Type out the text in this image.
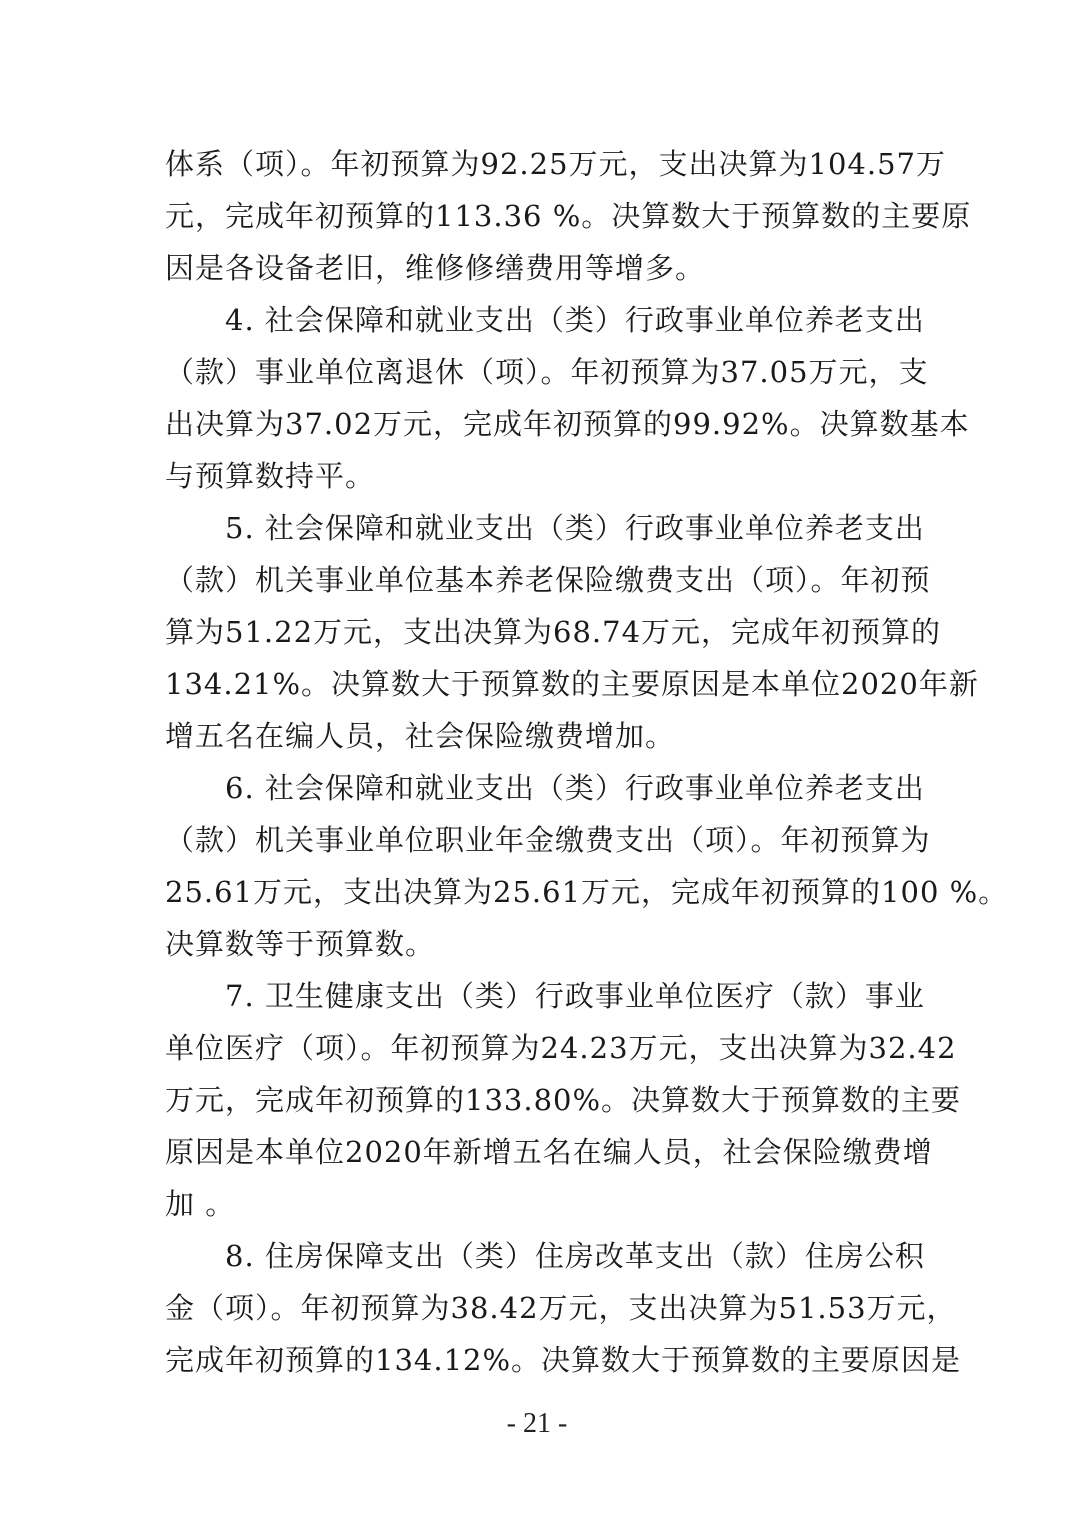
体系（项）。年初预算为92.25万元，支出决算为104.57万
元，完成年初预算的113.36 %。决算数大于预算数的主要原
因是各设备老旧，维修修缮费用等增多。
　　4. 社会保障和就业支出（类）行政事业单位养老支出
（款）事业单位离退休（项）。年初预算为37.05万元，支
出决算为37.02万元，完成年初预算的99.92%。决算数基本
与预算数持平。
　　5. 社会保障和就业支出（类）行政事业单位养老支出
（款）机关事业单位基本养老保险缴费支出（项）。年初预
算为51.22万元，支出决算为68.74万元，完成年初预算的
134.21%。决算数大于预算数的主要原因是本单位2020年新
增五名在编人员，社会保险缴费增加。
　　6. 社会保障和就业支出（类）行政事业单位养老支出
（款）机关事业单位职业年金缴费支出（项）。年初预算为
25.61万元，支出决算为25.61万元，完成年初预算的100 %。
决算数等于预算数。
　　7. 卫生健康支出（类）行政事业单位医疗（款）事业
单位医疗（项）。年初预算为24.23万元，支出决算为32.42
万元，完成年初预算的133.80%。决算数大于预算数的主要
原因是本单位2020年新增五名在编人员，社会保险缴费增
加 。
　　8. 住房保障支出（类）住房改革支出（款）住房公积
金（项）。年初预算为38.42万元，支出决算为51.53万元，
完成年初预算的134.12%。决算数大于预算数的主要原因是
- 21 -
